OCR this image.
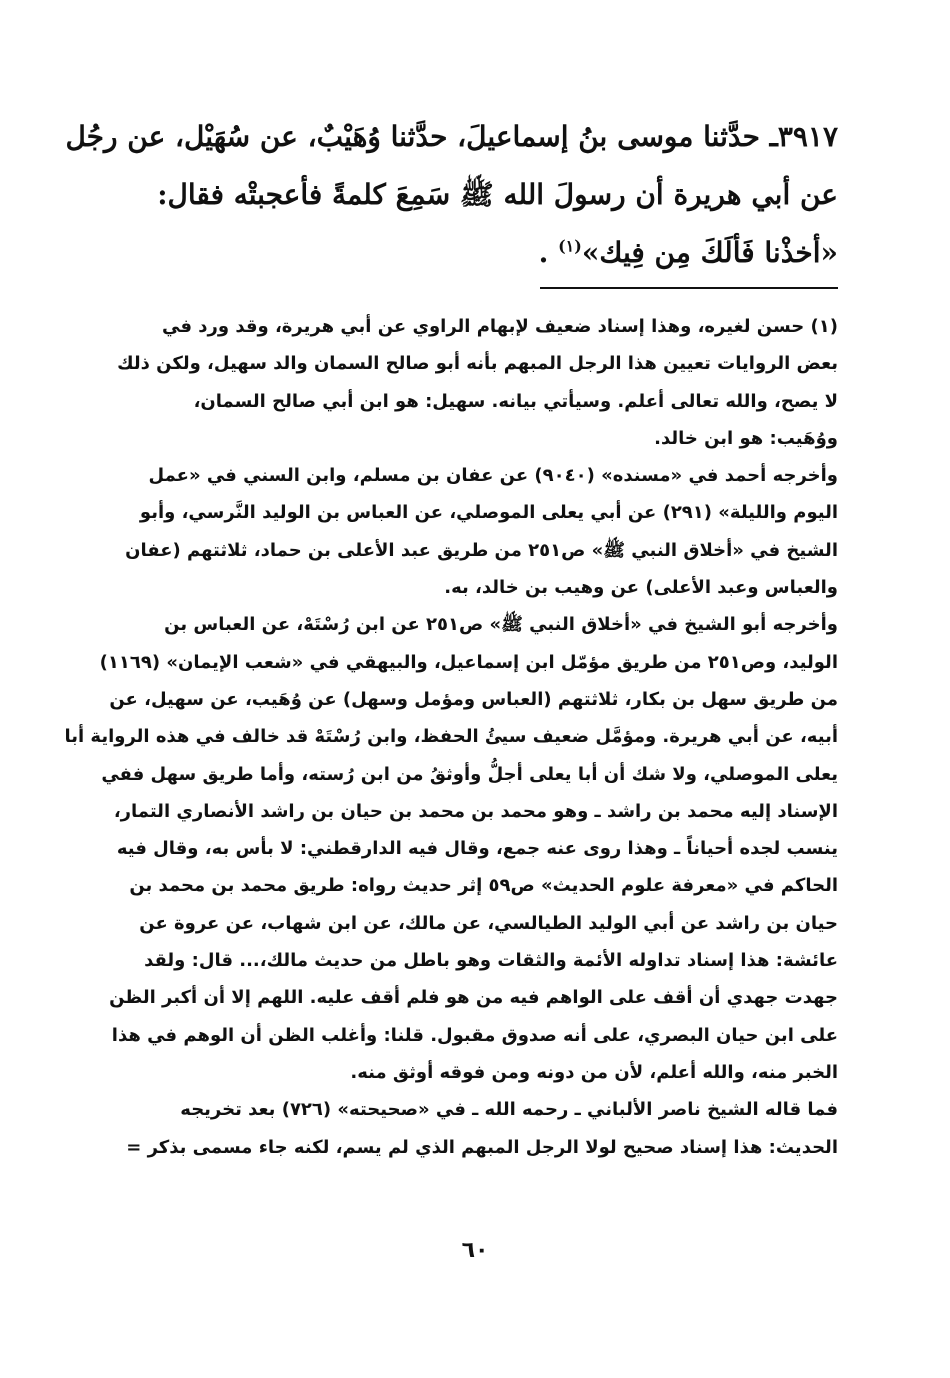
٣٩١٧ـ حدَّثنا موسى بنُ إسماعيلَ، حدَّثنا وُهَيْبٌ، عن سُهَيْل، عن رجُل
عن أبي هريرة أن رسولَ الله ﷺ سَمِعَ كلمةً فأعجبتْه فقال:
«أخذْنا فَألَكَ مِن فِيك»$^{(١)}$ .
(١) حسن لغيره، وهذا إسناد ضعيف لإبهام الراوي عن أبي هريرة، وقد ورد في
بعض الروايات تعيين هذا الرجل المبهم بأنه أبو صالح السمان والد سهيل، ولكن ذلك
لا يصح، والله تعالى أعلم. وسيأتي بيانه. سهيل: هو ابن أبي صالح السمان،
ووُهَيب: هو ابن خالد.
وأخرجه أحمد في «مسنده» (٩٠٤٠) عن عفان بن مسلم، وابن السني في «عمل
اليوم والليلة» (٢٩١) عن أبي يعلى الموصلي، عن العباس بن الوليد النَّرسي، وأبو
الشيخ في «أخلاق النبي ﷺ» ص٢٥١ من طريق عبد الأعلى بن حماد، ثلاثتهم (عفان
والعباس وعبد الأعلى) عن وهيب بن خالد، به.
وأخرجه أبو الشيخ في «أخلاق النبي ﷺ» ص٢٥١ عن ابن رُسْتَهْ، عن العباس بن
الوليد، وص٢٥١ من طريق مؤمّل ابن إسماعيل، والبيهقي في «شعب الإيمان» (١١٦٩)
من طريق سهل بن بكار، ثلاثتهم (العباس ومؤمل وسهل) عن وُهَيب، عن سهيل، عن
أبيه، عن أبي هريرة. ومؤمَّل ضعيف سيئُ الحفظ، وابن رُسْتَهْ قد خالف في هذه الرواية أبا
يعلى الموصلي، ولا شك أن أبا يعلى أجلُّ وأوثقُ من ابن رُسته، وأما طريق سهل ففي
الإسناد إليه محمد بن راشد ـ وهو محمد بن محمد بن حيان بن راشد الأنصاري التمار،
ينسب لجده أحياناً ـ وهذا روى عنه جمع، وقال فيه الدارقطني: لا بأس به، وقال فيه
الحاكم في «معرفة علوم الحديث» ص٥٩ إثر حديث رواه: طريق محمد بن محمد بن
حيان بن راشد عن أبي الوليد الطيالسي، عن مالك، عن ابن شهاب، عن عروة عن
عائشة: هذا إسناد تداوله الأئمة والثقات وهو باطل من حديث مالك،... قال: ولقد
جهدت جهدي أن أقف على الواهم فيه من هو فلم أقف عليه. اللهم إلا أن أكبر الظن
على ابن حيان البصري، على أنه صدوق مقبول. قلنا: وأغلب الظن أن الوهم في هذا
الخبر منه، والله أعلم، لأن من دونه ومن فوقه أوثق منه.
فما قاله الشيخ ناصر الألباني ـ رحمه الله ـ في «صحيحته» (٧٢٦) بعد تخريجه
الحديث: هذا إسناد صحيح لولا الرجل المبهم الذي لم يسم، لكنه جاء مسمى بذكر =
٦٠
